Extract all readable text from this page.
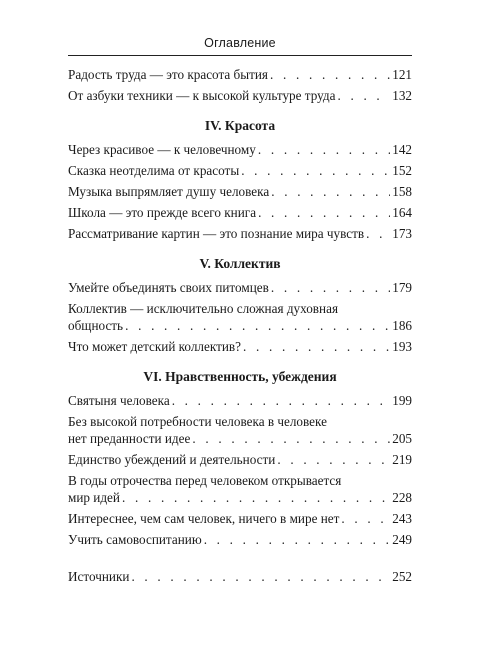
Оглавление
Радость труда — это красота бытия . . .	121
От азбуки техники — к высокой культуре труда . . .	132
IV. Красота
Через красивое — к человечному . . .	142
Сказка неотделима от красоты . . .	152
Музыка выпрямляет душу человека . . .	158
Школа — это прежде всего книга . . .	164
Рассматривание картин — это познание мира чувств . . . 173
V. Коллектив
Умейте объединять своих питомцев . . .	179
Коллектив — исключительно сложная духовная
общность . . .	186
Что может детский коллектив? . . .	193
VI. Нравственность, убеждения
Святыня человека . . .	199
Без высокой потребности человека в человеке
нет преданности идее . . .	205
Единство убеждений и деятельности . . .	219
В годы отрочества перед человеком открывается
мир идей . . .	228
Интереснее, чем сам человек, ничего в мире нет . . .	243
Учить самовоспитанию . . .	249
Источники . . .	252
